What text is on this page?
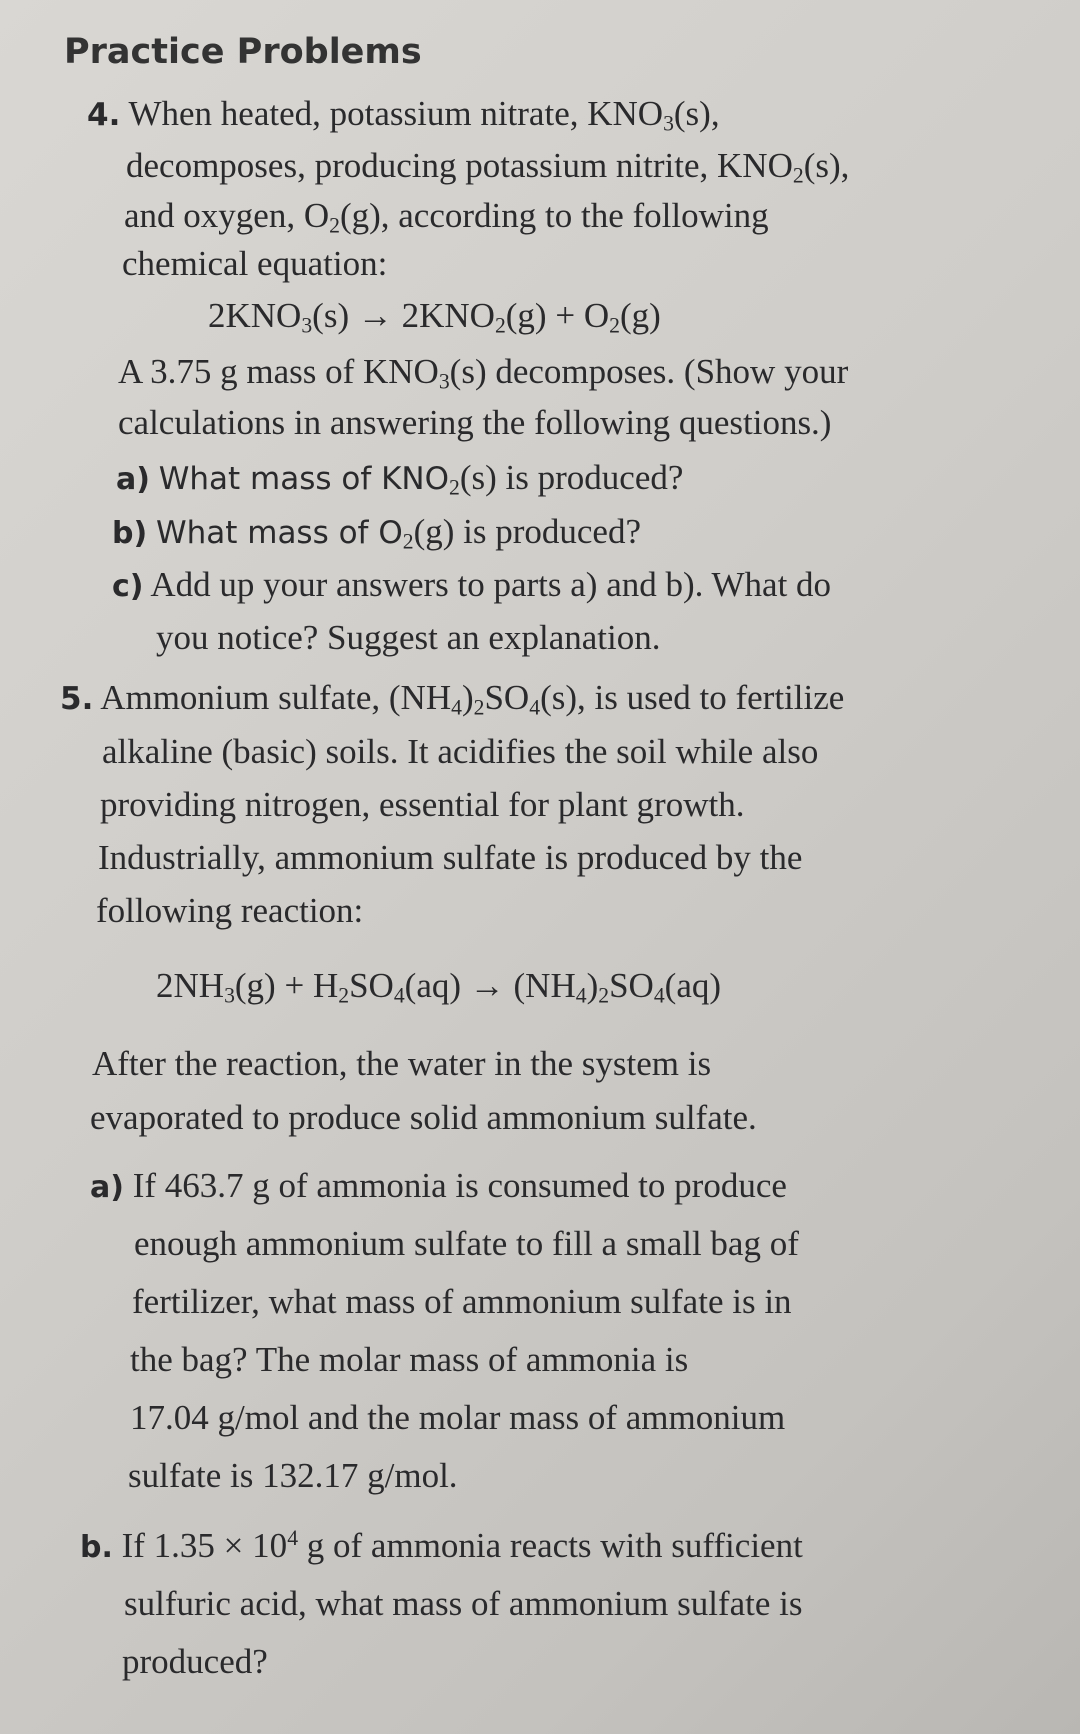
Practice Problems
4. When heated, potassium nitrate, $KNO_3(s)$,
decomposes, producing potassium nitrite, $KNO_2(s)$,
and oxygen, $O_2(g)$, according to the following
chemical equation:
$2KNO_3(s) \to 2KNO_2(g) + O_2(g)$
A 3.75 g mass of $KNO_3(s)$ decomposes. (Show your
calculations in answering the following questions.)
a) What mass of $KNO_2(s)$ is produced?
b) What mass of $O_2(g)$ is produced?
c) Add up your answers to parts a) and b). What do
you notice? Suggest an explanation.
5. Ammonium sulfate, $(NH_4)_2SO_4(s)$, is used to fertilize
alkaline (basic) soils. It acidifies the soil while also
providing nitrogen, essential for plant growth.
Industrially, ammonium sulfate is produced by the
following reaction:
$2NH_3(g) + H_2SO_4(aq) \to (NH_4)_2SO_4(aq)$
After the reaction, the water in the system is
evaporated to produce solid ammonium sulfate.
a) If 463.7 g of ammonia is consumed to produce
enough ammonium sulfate to fill a small bag of
fertilizer, what mass of ammonium sulfate is in
the bag? The molar mass of ammonia is
17.04 g/mol and the molar mass of ammonium
sulfate is 132.17 g/mol.
b. If $1.35 \times 10^4$ g of ammonia reacts with sufficient
sulfuric acid, what mass of ammonium sulfate is
produced?
